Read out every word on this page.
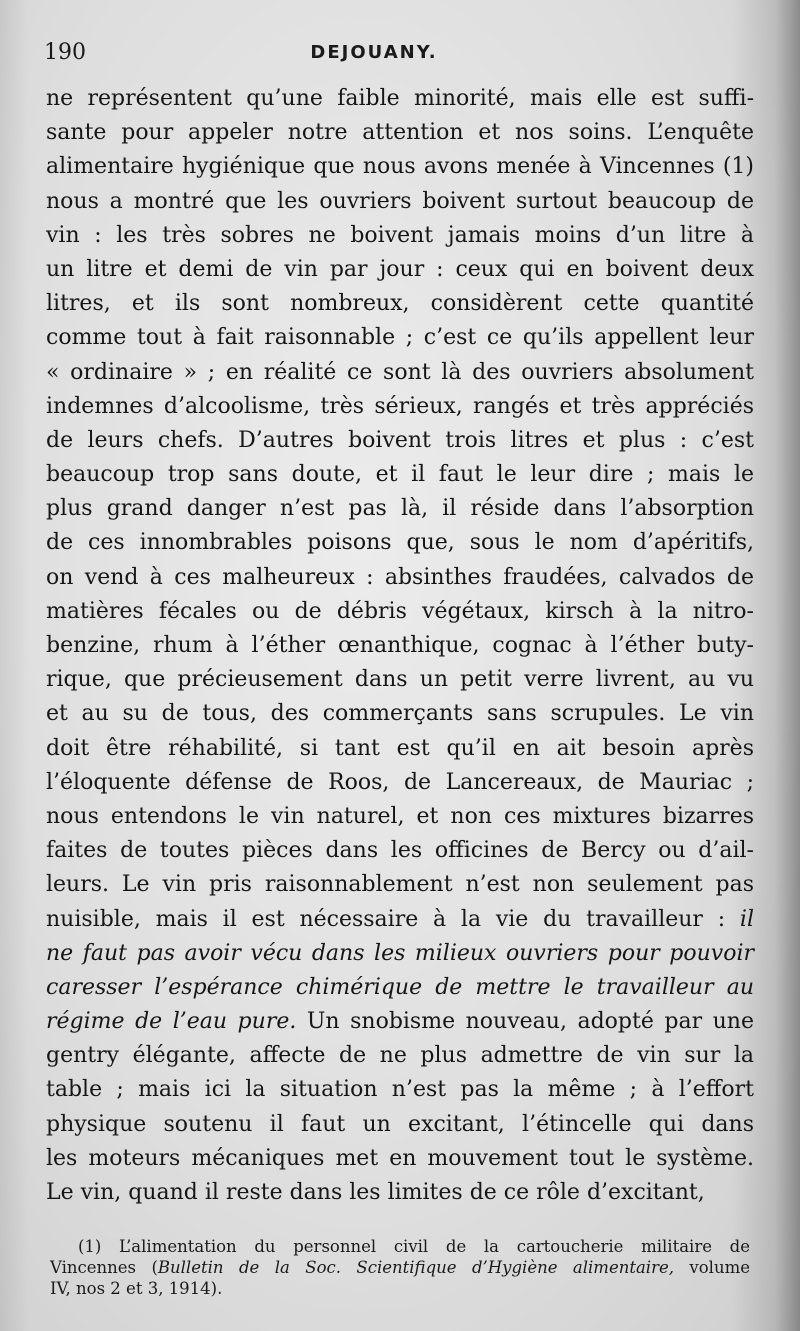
190	DEJOUANY.
ne représentent qu’une faible minorité, mais elle est suffi-
sante pour appeler notre attention et nos soins. L’enquête
alimentaire hygiénique que nous avons menée à Vincennes (1)
nous a montré que les ouvriers boivent surtout beaucoup de
vin : les très sobres ne boivent jamais moins d’un litre à
un litre et demi de vin par jour : ceux qui en boivent deux
litres, et ils sont nombreux, considèrent cette quantité
comme tout à fait raisonnable ; c’est ce qu’ils appellent leur
« ordinaire » ; en réalité ce sont là des ouvriers absolument
indemnes d’alcoolisme, très sérieux, rangés et très appréciés
de leurs chefs. D’autres boivent trois litres et plus : c’est
beaucoup trop sans doute, et il faut le leur dire ; mais le
plus grand danger n’est pas là, il réside dans l’absorption
de ces innombrables poisons que, sous le nom d’apéritifs,
on vend à ces malheureux : absinthes fraudées, calvados de
matières fécales ou de débris végétaux, kirsch à la nitro-
benzine, rhum à l’éther œnanthique, cognac à l’éther buty-
rique, que précieusement dans un petit verre livrent, au vu
et au su de tous, des commerçants sans scrupules. Le vin
doit être réhabilité, si tant est qu’il en ait besoin après
l’éloquente défense de Roos, de Lancereaux, de Mauriac ;
nous entendons le vin naturel, et non ces mixtures bizarres
faites de toutes pièces dans les officines de Bercy ou d’ail-
leurs. Le vin pris raisonnablement n’est non seulement pas
nuisible, mais il est nécessaire à la vie du travailleur : il
ne faut pas avoir vécu dans les milieux ouvriers pour pouvoir
caresser l’espérance chimérique de mettre le travailleur au
régime de l’eau pure. Un snobisme nouveau, adopté par une
gentry élégante, affecte de ne plus admettre de vin sur la
table ; mais ici la situation n’est pas la même ; à l’effort
physique soutenu il faut un excitant, l’étincelle qui dans
les moteurs mécaniques met en mouvement tout le système.
Le vin, quand il reste dans les limites de ce rôle d’excitant,
(1) L’alimentation du personnel civil de la cartoucherie militaire de
Vincennes (Bulletin de la Soc. Scientifique d’Hygiène alimentaire, volume
IV, nos 2 et 3, 1914).
